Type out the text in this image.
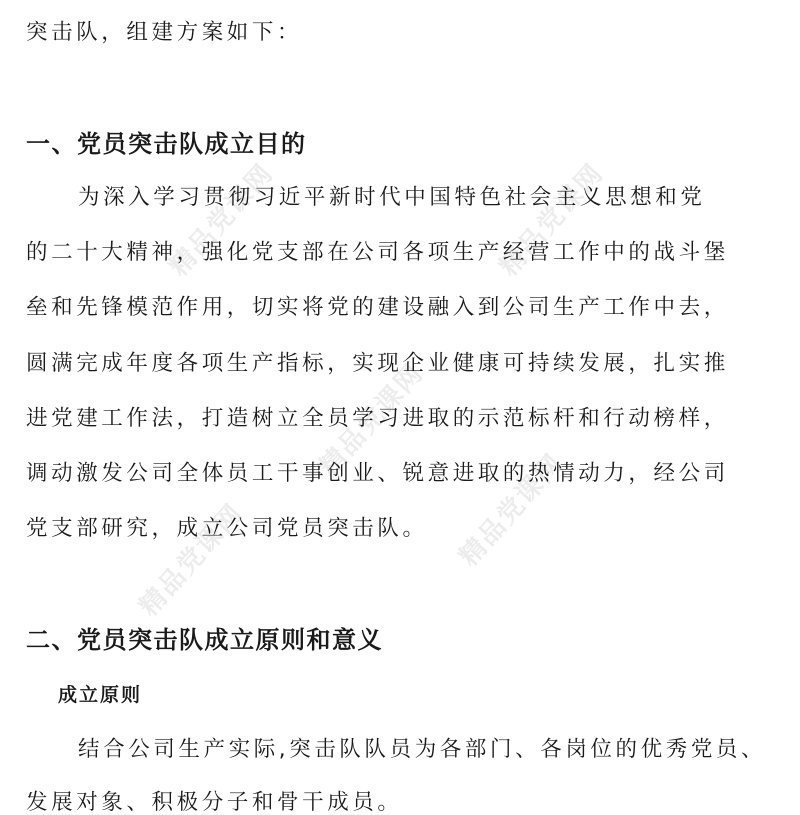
精品党课网	精品党课网
精品党课网
精品党课网
精品党课网
突击队，组建方案如下：
一、党员突击队成立目的
为深入学习贯彻习近平新时代中国特色社会主义思想和党
的二十大精神，强化党支部在公司各项生产经营工作中的战斗堡
垒和先锋模范作用，切实将党的建设融入到公司生产工作中去，
圆满完成年度各项生产指标，实现企业健康可持续发展，扎实推
进党建工作法，打造树立全员学习进取的示范标杆和行动榜样，
调动激发公司全体员工干事创业、锐意进取的热情动力，经公司
党支部研究，成立公司党员突击队。
二、党员突击队成立原则和意义
成立原则
结合公司生产实际,突击队队员为各部门、各岗位的优秀党员、
发展对象、积极分子和骨干成员。
